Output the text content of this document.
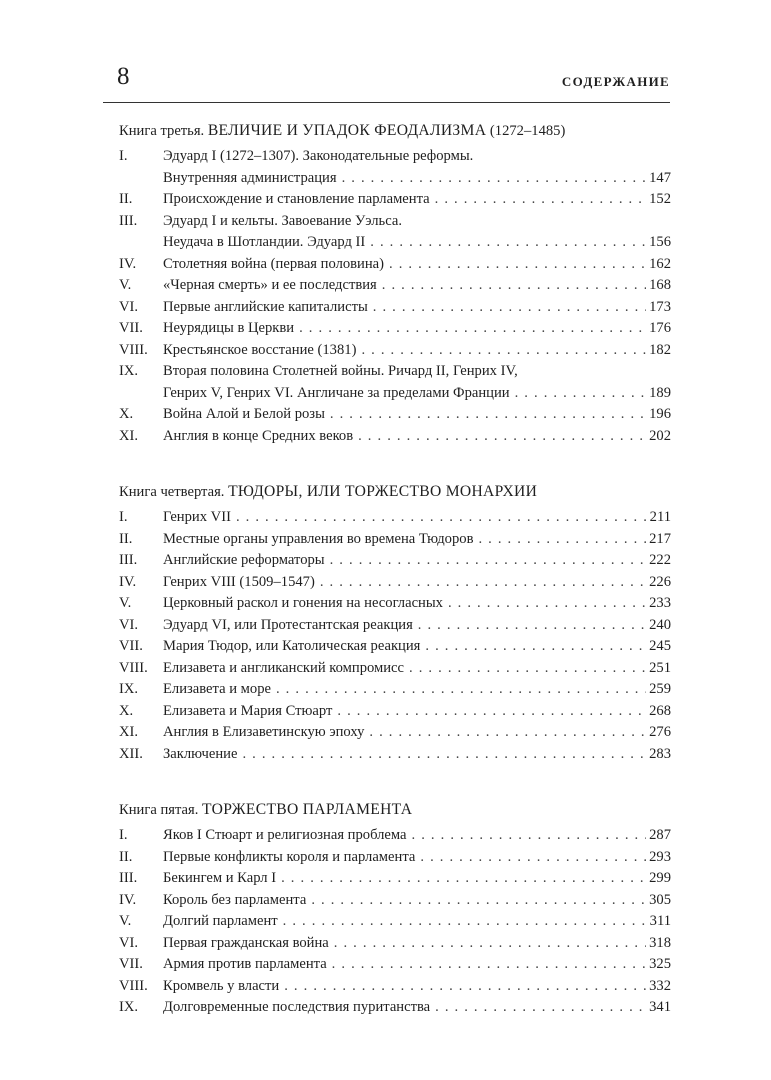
8	СОДЕРЖАНИЕ
Книга третья. ВЕЛИЧИЕ И УПАДОК ФЕОДАЛИЗМА (1272–1485)
I.	Эдуард I (1272–1307). Законодательные реформы.
Внутренняя администрация . . .	147
II.	Происхождение и становление парламента . . .	152
III.	Эдуард I и кельты. Завоевание Уэльса.
Неудача в Шотландии. Эдуард II . . .	156
IV.	Столетняя война (первая половина) . . .	162
V.	«Черная смерть» и ее последствия . . .	168
VI.	Первые английские капиталисты . . .	173
VII.	Неурядицы в Церкви . . .	176
VIII.	Крестьянское восстание (1381) . . .	182
IX.	Вторая половина Столетней войны. Ричард II, Генрих IV,
Генрих V, Генрих VI. Англичане за пределами Франции . . .	189
X.	Война Алой и Белой розы . . .	196
XI.	Англия в конце Средних веков . . .	202
Книга четвертая. ТЮДОРЫ, ИЛИ ТОРЖЕСТВО МОНАРХИИ
I.	Генрих VII . . .	211
II.	Местные органы управления во времена Тюдоров . . .	217
III.	Английские реформаторы . . .	222
IV.	Генрих VIII (1509–1547) . . .	226
V.	Церковный раскол и гонения на несогласных . . .	233
VI.	Эдуард VI, или Протестантская реакция . . .	240
VII.	Мария Тюдор, или Католическая реакция . . .	245
VIII.	Елизавета и англиканский компромисс . . .	251
IX.	Елизавета и море . . .	259
X.	Елизавета и Мария Стюарт . . .	268
XI.	Англия в Елизаветинскую эпоху . . .	276
XII.	Заключение . . .	283
Книга пятая. ТОРЖЕСТВО ПАРЛАМЕНТА
I.	Яков I Стюарт и религиозная проблема . . .	287
II.	Первые конфликты короля и парламента . . .	293
III.	Бекингем и Карл I . . .	299
IV.	Король без парламента . . .	305
V.	Долгий парламент . . .	311
VI.	Первая гражданская война . . .	318
VII.	Армия против парламента . . .	325
VIII.	Кромвель у власти . . .	332
IX.	Долговременные последствия пуританства . . .	341
